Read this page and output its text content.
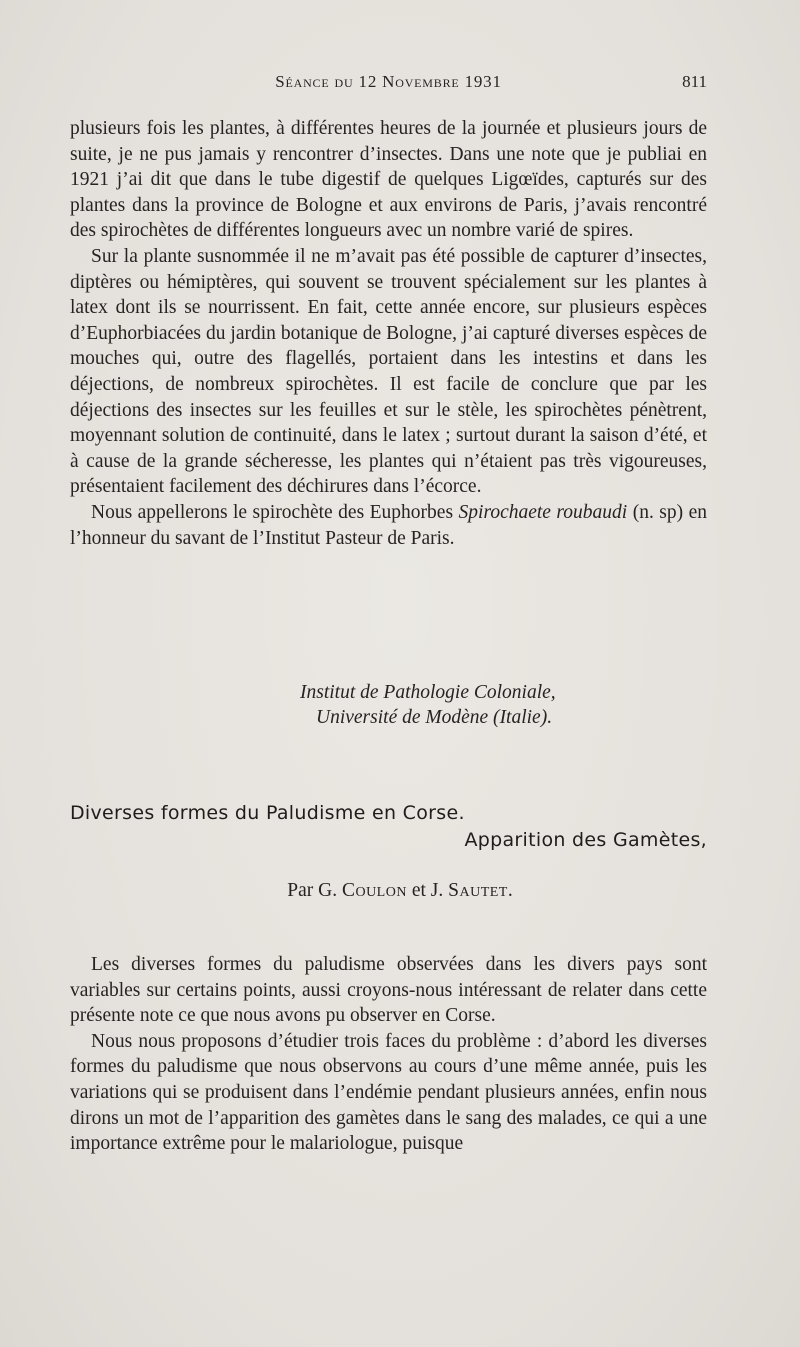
Séance du 12 Novembre 1931	811

plusieurs fois les plantes, à différentes heures de la journée et plusieurs jours de suite, je ne pus jamais y rencontrer d’insectes. Dans une note que je publiai en 1921 j’ai dit que dans le tube digestif de quelques Ligœïdes, capturés sur des plantes dans la province de Bologne et aux environs de Paris, j’avais rencontré des spirochètes de différentes longueurs avec un nombre varié de spires.

Sur la plante susnommée il ne m’avait pas été possible de capturer d’insectes, diptères ou hémiptères, qui souvent se trouvent spécialement sur les plantes à latex dont ils se nourrissent. En fait, cette année encore, sur plusieurs espèces d’Euphorbiacées du jardin botanique de Bologne, j’ai capturé diverses espèces de mouches qui, outre des flagellés, portaient dans les intestins et dans les déjections, de nombreux spirochètes. Il est facile de conclure que par les déjections des insectes sur les feuilles et sur le stèle, les spirochètes pénètrent, moyennant solution de continuité, dans le latex ; surtout durant la saison d’été, et à cause de la grande sécheresse, les plantes qui n’étaient pas très vigoureuses, présentaient facilement des déchirures dans l’écorce.

Nous appellerons le spirochète des Euphorbes Spirochaete roubaudi (n. sp) en l’honneur du savant de l’Institut Pasteur de Paris.

Institut de Pathologie Coloniale,
Université de Modène (Italie).
Diverses formes du Paludisme en Corse.
Apparition des Gamètes,
Par G. Coulon et J. Sautet.

Les diverses formes du paludisme observées dans les divers pays sont variables sur certains points, aussi croyons-nous intéressant de relater dans cette présente note ce que nous avons pu observer en Corse.

Nous nous proposons d’étudier trois faces du problème : d’abord les diverses formes du paludisme que nous observons au cours d’une même année, puis les variations qui se produisent dans l’endémie pendant plusieurs années, enfin nous dirons un mot de l’apparition des gamètes dans le sang des malades, ce qui a une importance extrême pour le malariologue, puisque
